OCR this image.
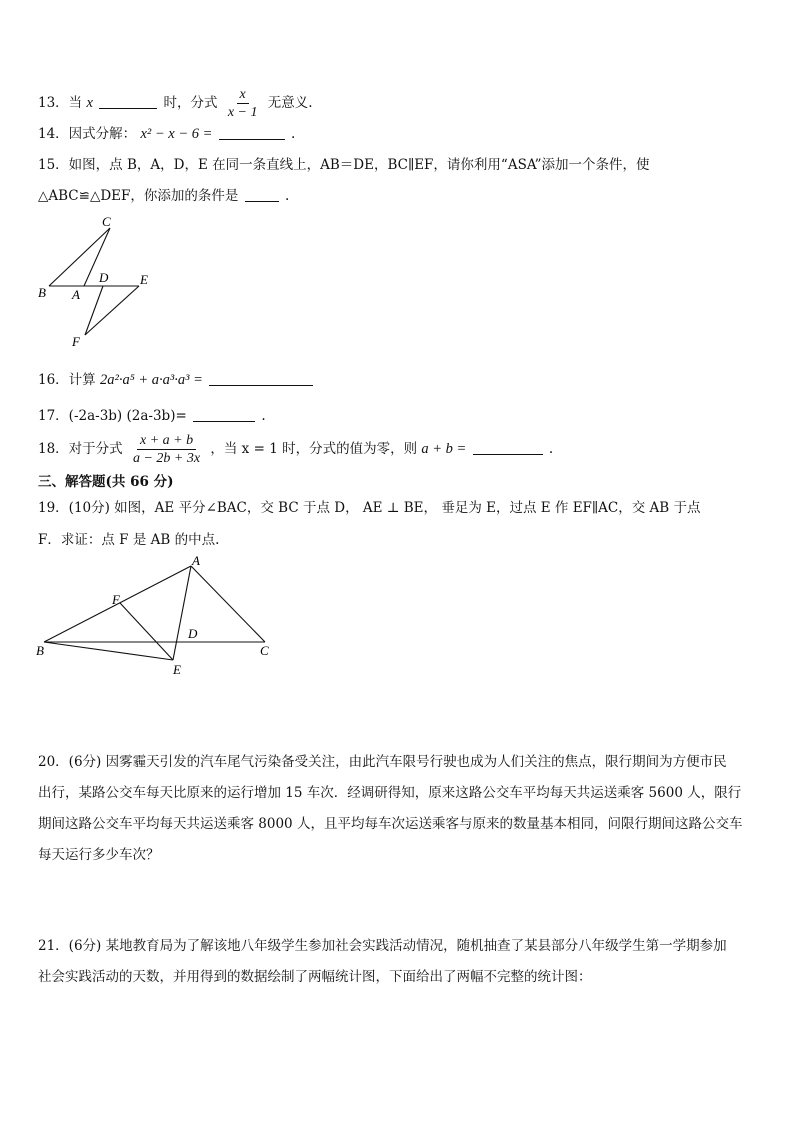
13．当 x	时，分式 $\frac{x}{x - 1}$ 无意义.
14．因式分解： x² − x − 6 =	.
15．如图，点 B，A，D，E 在同一条直线上，AB＝DE，BC∥EF，请你利用“ASA”添加一个条件，使
△ABC≌△DEF，你添加的条件是	.
C
B A
D E
F
16．计算 2a²·a⁵ + a·a³·a³ =
17．(-2a-3b) (2a-3b)=	.
18．对于分式 $\frac{x + a + b}{a - 2b + 3x}$ ，当 x = 1 时，分式的值为零，则 a + b =	.
三、解答题(共 66 分)
19．(10分) 如图，AE 平分∠BAC，交 BC 于点 D， AE ⊥ BE， 垂足为 E，过点 E 作 EF∥AC，交 AB 于点
F．求证：点 F 是 AB 的中点.
A
F
D
B	C
E
20．(6分) 因雾霾天引发的汽车尾气污染备受关注，由此汽车限号行驶也成为人们关注的焦点，限行期间为方便市民
出行，某路公交车每天比原来的运行增加 15 车次．经调研得知，原来这路公交车平均每天共运送乘客 5600 人，限行
期间这路公交车平均每天共运送乘客 8000 人，且平均每车次运送乘客与原来的数量基本相同，问限行期间这路公交车
每天运行多少车次？
21．(6分) 某地教育局为了解该地八年级学生参加社会实践活动情况，随机抽查了某县部分八年级学生第一学期参加
社会实践活动的天数，并用得到的数据绘制了两幅统计图，下面给出了两幅不完整的统计图：
